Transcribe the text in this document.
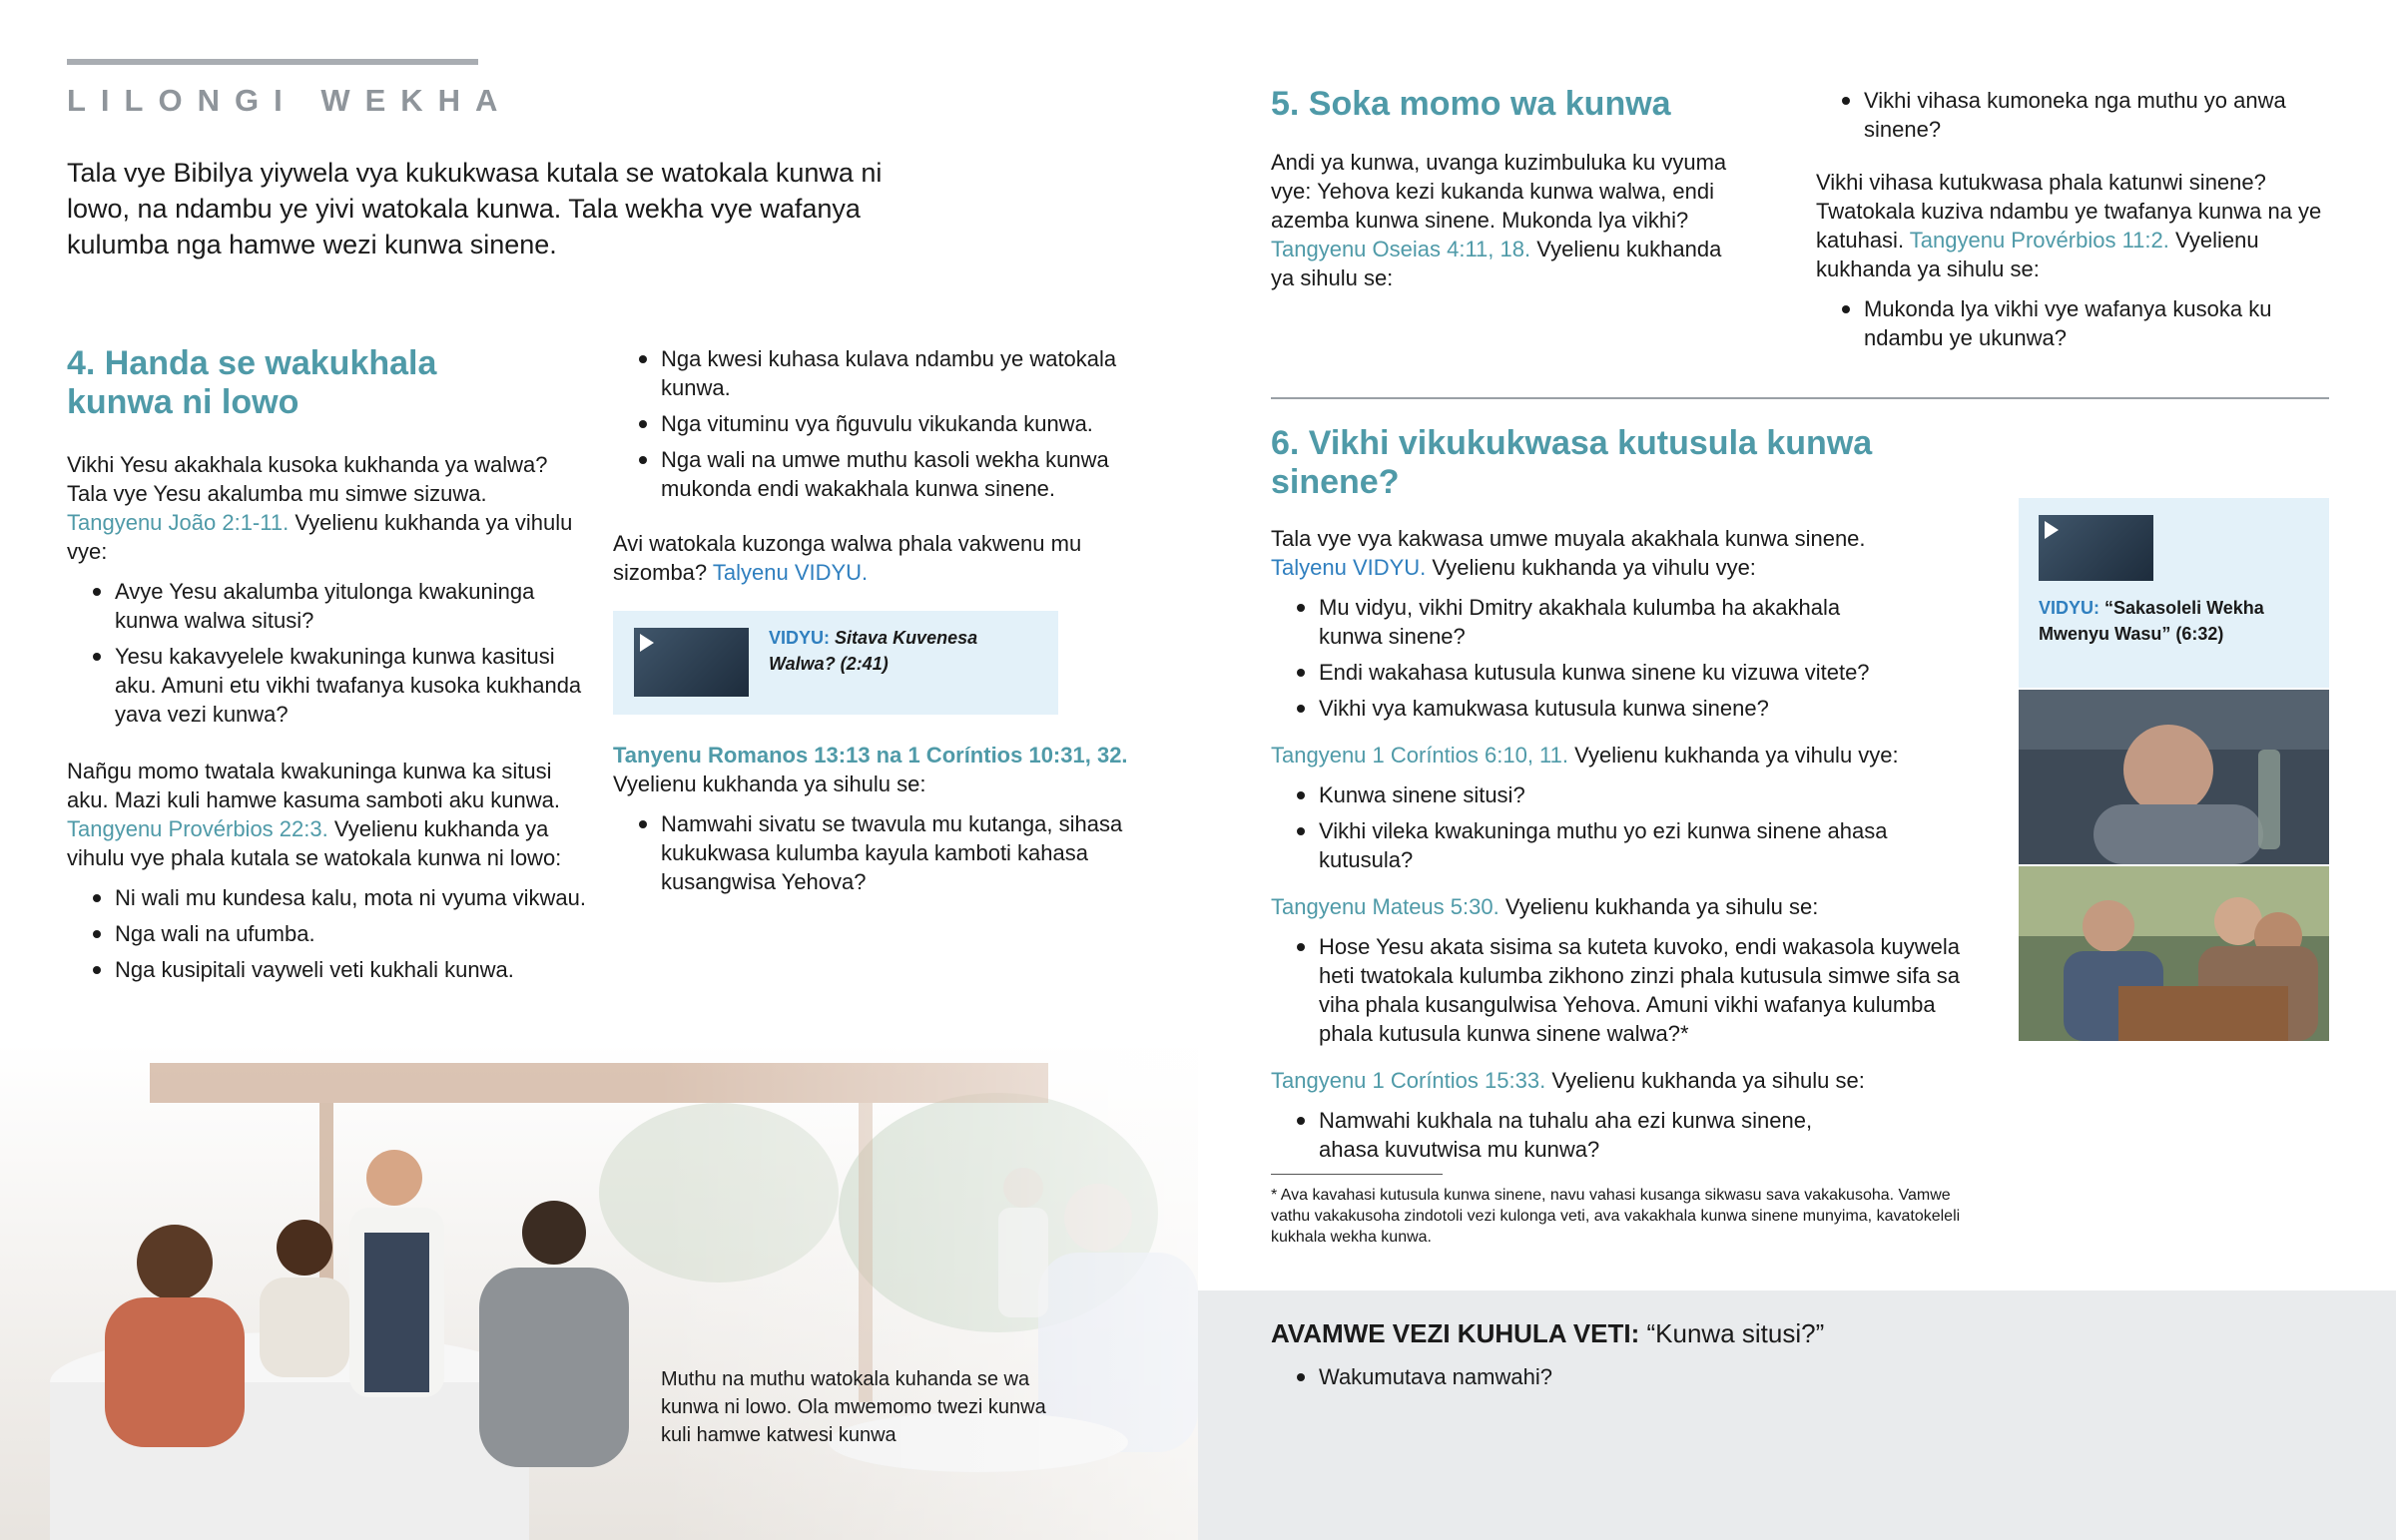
LILONGI WEKHA

Tala vye Bibilya yiywela vya kukukwasa kutala se watokala kunwa ni lowo, na ndambu ye yivi watokala kunwa. Tala wekha vye wafanya kulumba nga hamwe wezi kunwa sinene.

4. Handa se wakukhala
kunwa ni lowo

Vikhi Yesu akakhala kusoka kukhanda ya walwa? Tala vye Yesu akalumba mu simwe sizuwa. Tangyenu João 2:1-11. Vyelienu kukhanda ya vihulu vye:

Avye Yesu akalumba yitulonga kwakuninga kunwa walwa situsi?
Yesu kakavyelele kwakuninga kunwa kasitusi aku. Amuni etu vikhi twafanya kusoka kukhanda yava vezi kunwa?

Nañgu momo twatala kwakuninga kunwa ka situsi aku. Mazi kuli hamwe kasuma samboti aku kunwa. Tangyenu Provérbios 22:3. Vyelienu kukhanda ya vihulu vye phala kutala se watokala kunwa ni lowo:

Ni wali mu kundesa kalu, mota ni vyuma vikwau.
Nga wali na ufumba.
Nga kusipitali vayweli veti kukhali kunwa.
Nga kwesi kuhasa kulava ndambu ye watokala kunwa.
Nga vituminu vya ñguvulu vikukanda kunwa.
Nga wali na umwe muthu kasoli wekha kunwa mukonda endi wakakhala kunwa sinene.

Avi watokala kuzonga walwa phala vakwenu mu sizomba? Talyenu VIDYU.

VIDYU: Sitava Kuvenesa Walwa? (2:41)

Tanyenu Romanos 13:13 na 1 Coríntios 10:31, 32. Vyelienu kukhanda ya sihulu se:

Namwahi sivatu se twavula mu kutanga, sihasa kukukwasa kulumba kayula kamboti kahasa kusangwisa Yehova?

Muthu na muthu watokala kuhanda se wa kunwa ni lowo. Ola mwemomo twezi kunwa kuli hamwe katwesi kunwa

5. Soka momo wa kunwa

Andi ya kunwa, uvanga kuzimbuluka ku vyuma vye: Yehova kezi kukanda kunwa walwa, endi azemba kunwa sinene. Mukonda lya vikhi? Tangyenu Oseias 4:11, 18. Vyelienu kukhanda ya sihulu se:

Vikhi vihasa kumoneka nga muthu yo anwa sinene?

Vikhi vihasa kutukwasa phala katunwi sinene? Twatokala kuziva ndambu ye twafanya kunwa na ye katuhasi. Tangyenu Provérbios 11:2. Vyelienu kukhanda ya sihulu se:

Mukonda lya vikhi vye wafanya kusoka ku ndambu ye ukunwa?
6. Vikhi vikukukwasa kutusula kunwa sinene?

Tala vye vya kakwasa umwe muyala akakhala kunwa sinene.
Talyenu VIDYU. Vyelienu kukhanda ya vihulu vye:

Mu vidyu, vikhi Dmitry akakhala kulumba ha akakhala kunwa sinene?
Endi wakahasa kutusula kunwa sinene ku vizuwa vitete?
Vikhi vya kamukwasa kutusula kunwa sinene?

Tangyenu 1 Coríntios 6:10, 11. Vyelienu kukhanda ya vihulu vye:

Kunwa sinene situsi?
Vikhi vileka kwakuninga muthu yo ezi kunwa sinene ahasa kutusula?

Tangyenu Mateus 5:30. Vyelienu kukhanda ya sihulu se:

Hose Yesu akata sisima sa kuteta kuvoko, endi wakasola kuywela heti twatokala kulumba zikhono zinzi phala kutusula simwe sifa sa viha phala kusangulwisa Yehova. Amuni vikhi wafanya kulumba phala kutusula kunwa sinene walwa?*

Tangyenu 1 Coríntios 15:33. Vyelienu kukhanda ya sihulu se:

Namwahi kukhala na tuhalu aha ezi kunwa sinene, ahasa kuvutwisa mu kunwa?

* Ava kavahasi kutusula kunwa sinene, navu vahasi kusanga sikwasu sava vakakusoha. Vamwe vathu vakakusoha zindotoli vezi kulonga veti, ava vakakhala kunwa sinene munyima, kavatokeleli kukhala wekha kunwa.

VIDYU: “Sakasoleli Wekha Mwenyu Wasu” (6:32)

AVAMWE VEZI KUHULA VETI: “Kunwa situsi?”

Wakumutava namwahi?
